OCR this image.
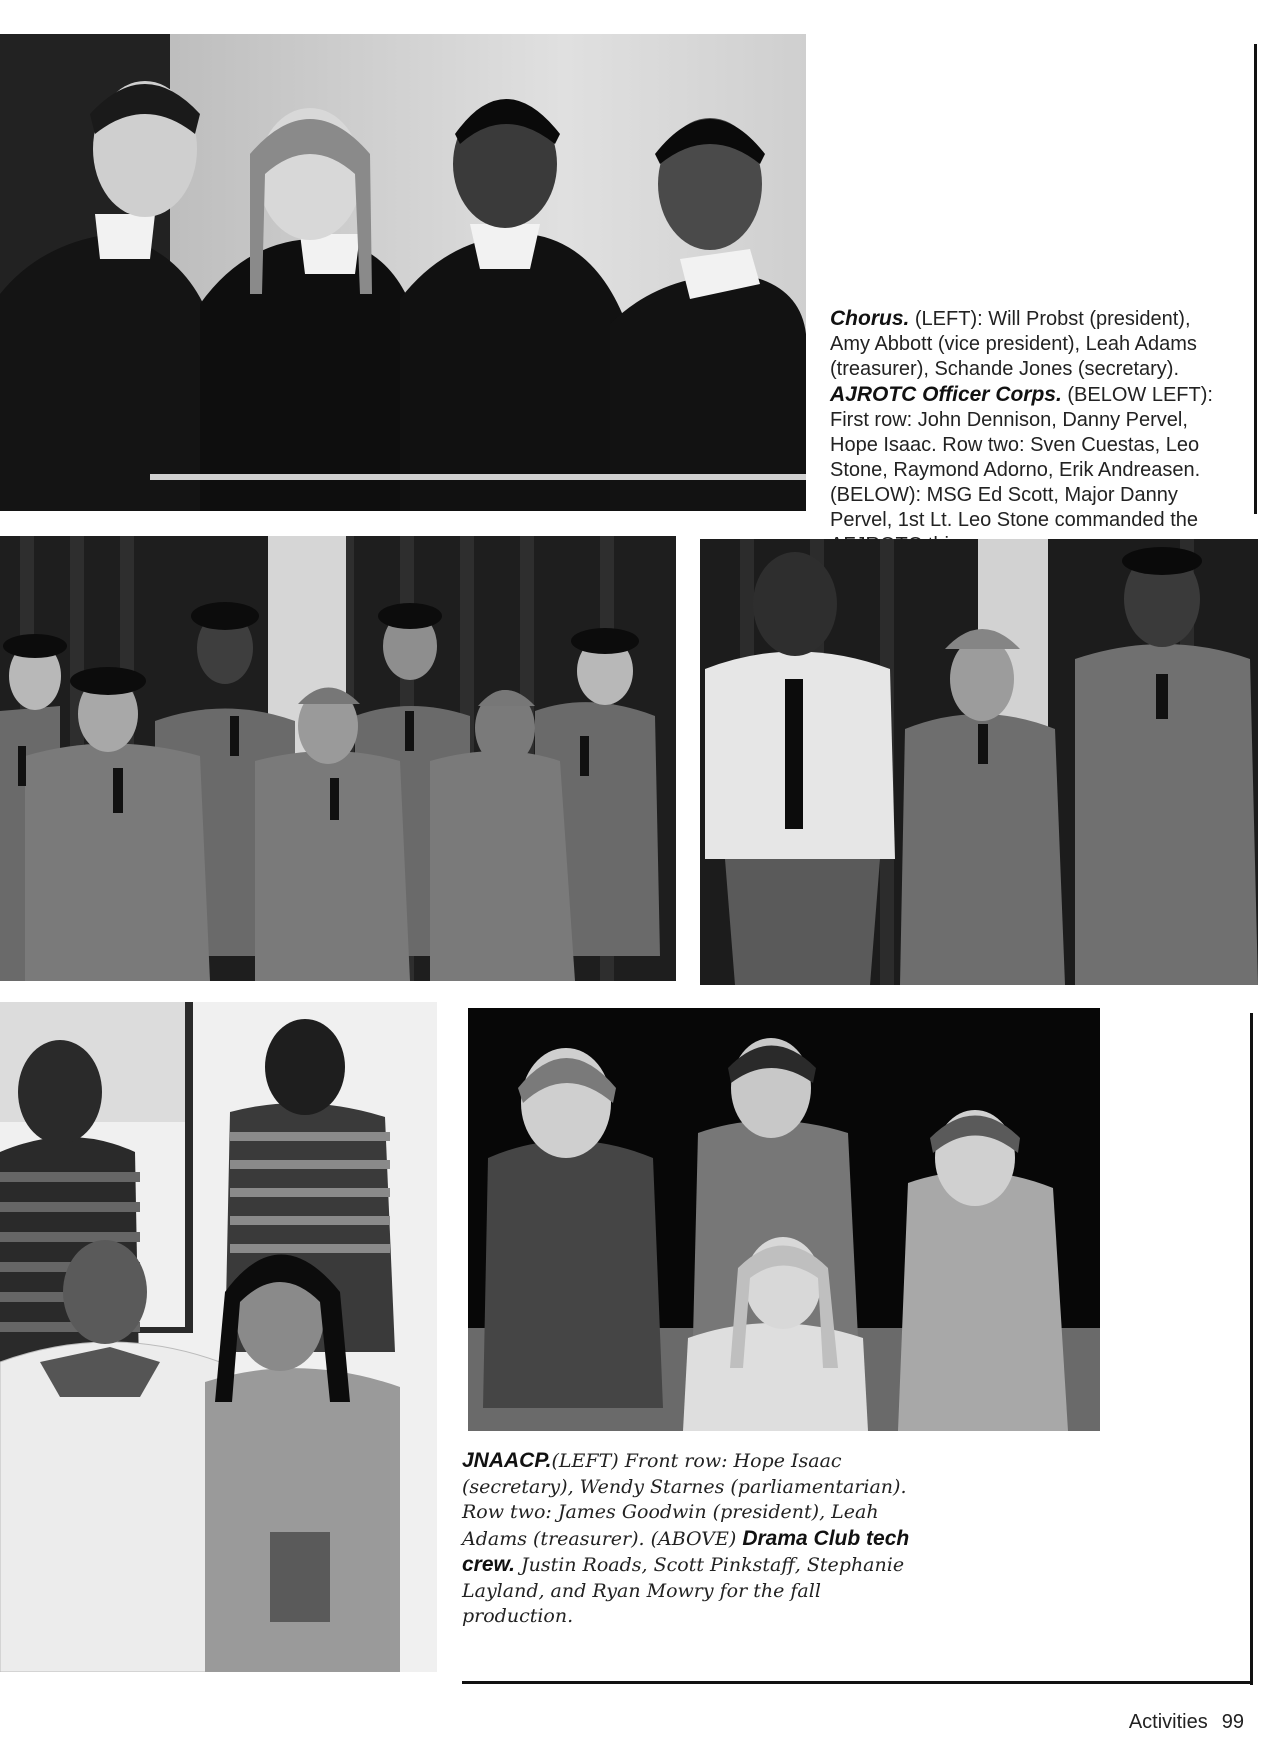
Chorus. (LEFT): Will Probst (president), Amy Abbott (vice president), Leah Adams (treasurer), Schande Jones (secretary). AJROTC Officer Corps. (BELOW LEFT): First row: John Dennison, Danny Pervel, Hope Isaac. Row two: Sven Cuestas, Leo Stone, Raymond Adorno, Erik Andreasen. (BELOW): MSG Ed Scott, Major Danny Pervel, 1st Lt. Leo Stone commanded the
JNAACP.(LEFT) Front row: Hope Isaac (secretary), Wendy Starnes (parliamentarian). Row two: James Goodwin (president), Leah Adams (treasurer). (ABOVE) Drama Club tech crew. Justin Roads, Scott Pinkstaff, Stephanie Layland, and Ryan Mowry for the fall production.
Activities 99
